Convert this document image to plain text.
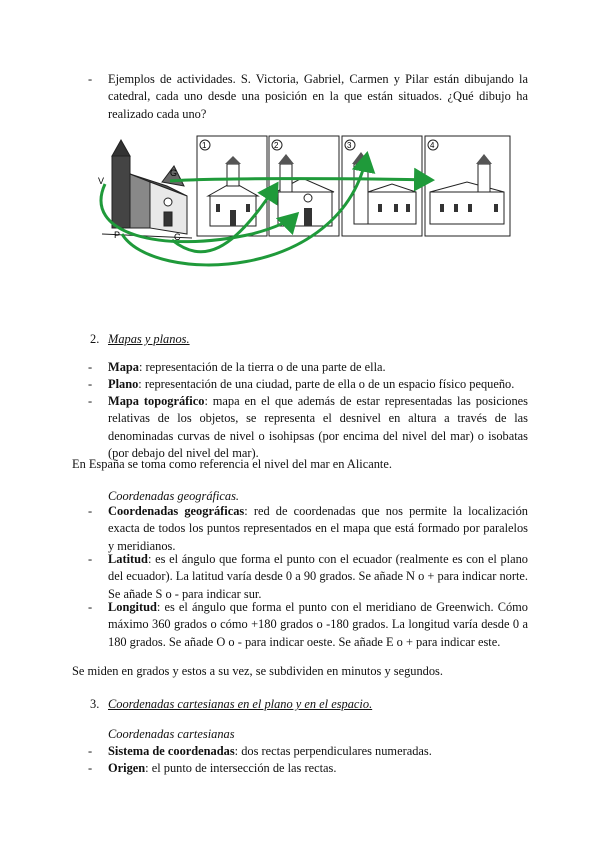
- Ejemplos de actividades. S. Victoria, Gabriel, Carmen y Pilar están dibujando la catedral, cada uno desde una posición en la que están situados. ¿Qué dibujo ha realizado cada uno?
V
G
P	C
1	2	3	4
2. Mapas y planos.
- Mapa: representación de la tierra o de una parte de ella.
- Plano: representación de una ciudad, parte de ella o de un espacio físico pequeño.
- Mapa topográfico: mapa en el que además de estar representadas las posiciones relativas de los objetos, se representa el desnivel en altura a través de las denominadas curvas de nivel o isohipsas (por encima del nivel del mar) o isobatas (por debajo del nivel del mar).
En España se toma como referencia el nivel del mar en Alicante.
Coordenadas geográficas.
- Coordenadas geográficas: red de coordenadas que nos permite la localización exacta de todos los puntos representados en el mapa que está formado por paralelos y meridianos.
- Latitud: es el ángulo que forma el punto con el ecuador (realmente es con el plano del ecuador). La latitud varía desde 0 a 90 grados. Se añade N o + para indicar norte. Se añade S o - para indicar sur.
- Longitud: es el ángulo que forma el punto con el meridiano de Greenwich. Cómo máximo 360 grados o cómo +180 grados o -180 grados. La longitud varía desde 0 a 180 grados. Se añade O o - para indicar oeste. Se añade E o + para indicar este.
Se miden en grados y estos a su vez, se subdividen en minutos y segundos.
3. Coordenadas cartesianas en el plano y en el espacio.
Coordenadas cartesianas
- Sistema de coordenadas: dos rectas perpendiculares numeradas.
- Origen: el punto de intersección de las rectas.
